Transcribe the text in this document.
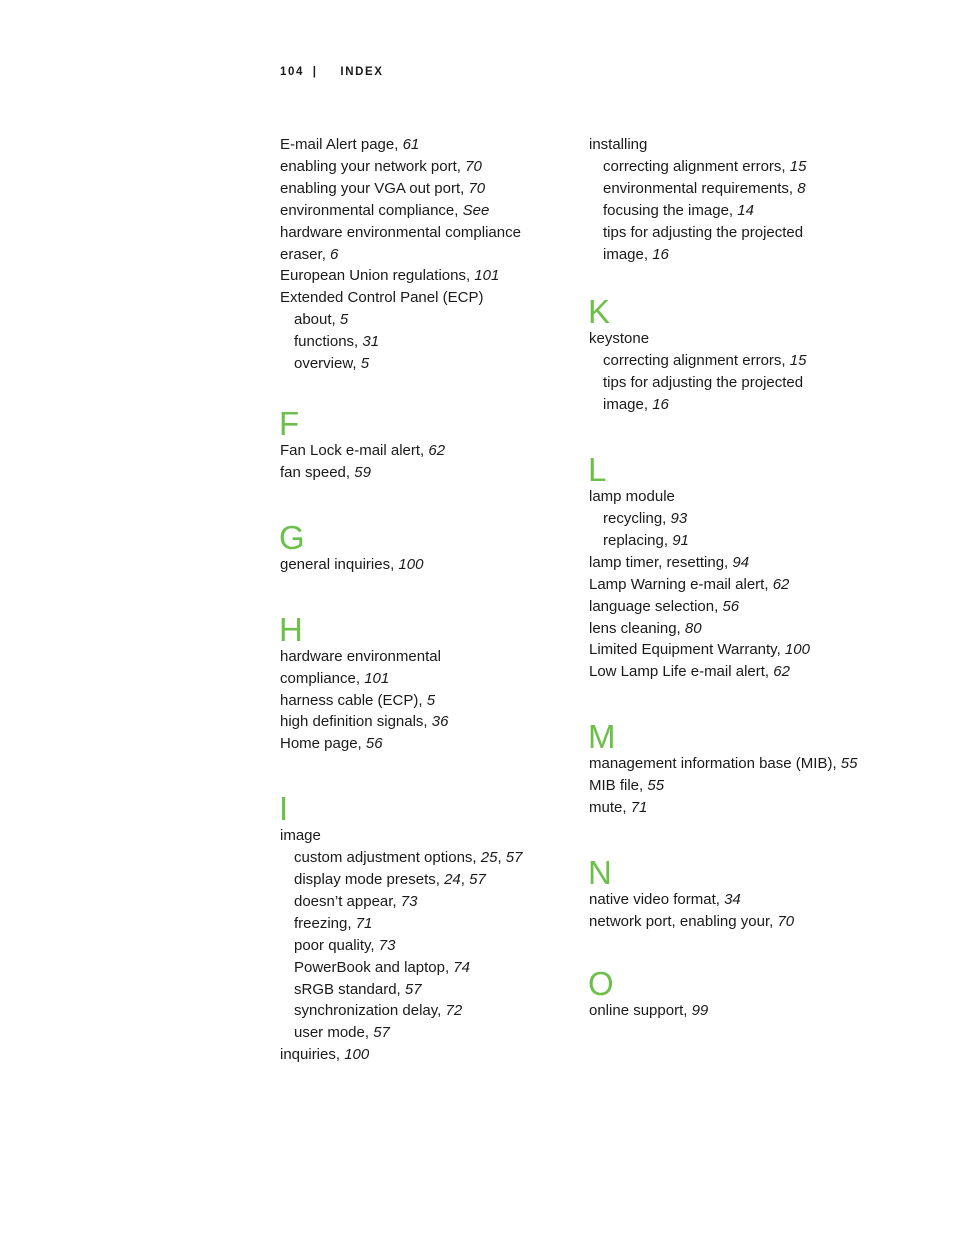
104 | INDEX
E-mail Alert page, 61
enabling your network port, 70
enabling your VGA out port, 70
environmental compliance, See
hardware environmental compliance
eraser, 6
European Union regulations, 101
Extended Control Panel (ECP)
about, 5
functions, 31
overview, 5
F
Fan Lock e-mail alert, 62
fan speed, 59
G
general inquiries, 100
H
hardware environmental
compliance, 101
harness cable (ECP), 5
high definition signals, 36
Home page, 56
I
image
custom adjustment options, 25, 57
display mode presets, 24, 57
doesn’t appear, 73
freezing, 71
poor quality, 73
PowerBook and laptop, 74
sRGB standard, 57
synchronization delay, 72
user mode, 57
inquiries, 100
installing
correcting alignment errors, 15
environmental requirements, 8
focusing the image, 14
tips for adjusting the projected
image, 16
K
keystone
correcting alignment errors, 15
tips for adjusting the projected
image, 16
L
lamp module
recycling, 93
replacing, 91
lamp timer, resetting, 94
Lamp Warning e-mail alert, 62
language selection, 56
lens cleaning, 80
Limited Equipment Warranty, 100
Low Lamp Life e-mail alert, 62
M
management information base (MIB), 55
MIB file, 55
mute, 71
N
native video format, 34
network port, enabling your, 70
O
online support, 99
